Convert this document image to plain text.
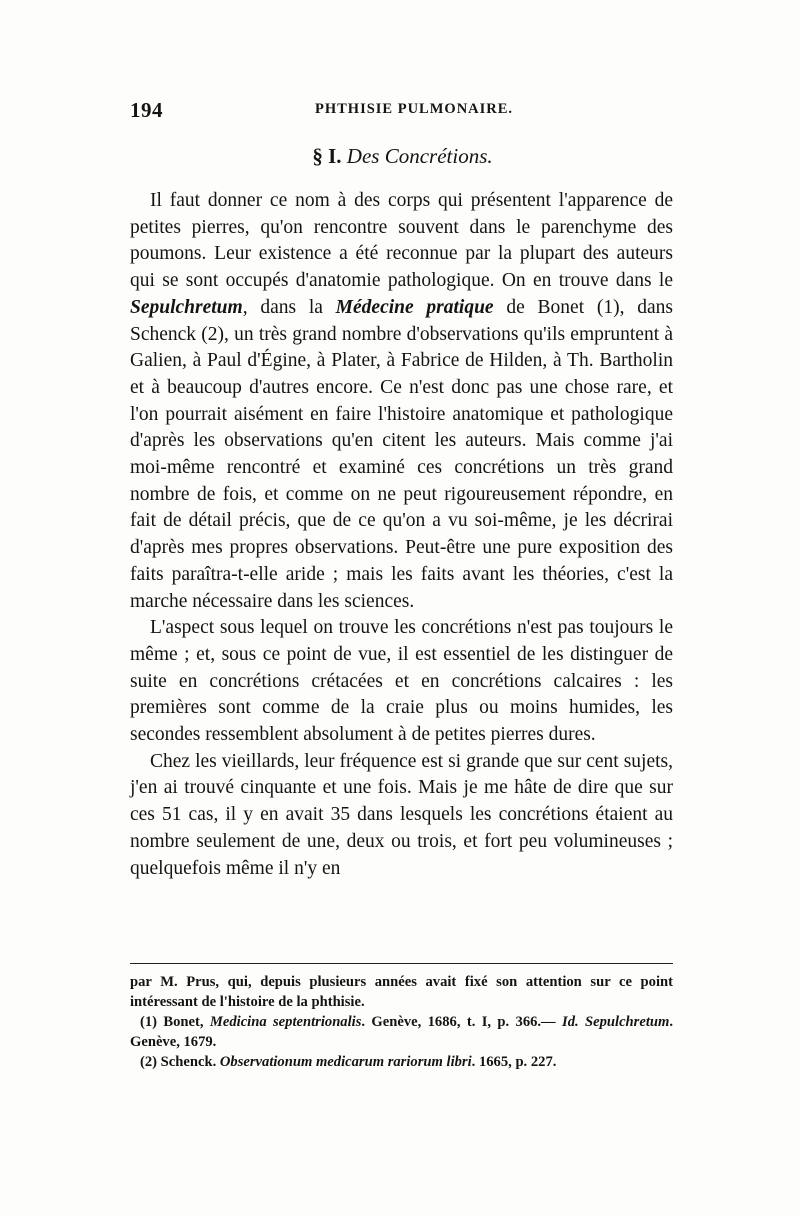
194	PHTHISIE PULMONAIRE.
§ I. Des Concrétions.

Il faut donner ce nom à des corps qui présentent l'apparence de petites pierres, qu'on rencontre souvent dans le parenchyme des poumons. Leur existence a été reconnue par la plupart des auteurs qui se sont occupés d'anatomie pathologique. On en trouve dans le Sepulchretum, dans la Médecine pratique de Bonet (1), dans Schenck (2), un très grand nombre d'observations qu'ils empruntent à Galien, à Paul d'Égine, à Plater, à Fabrice de Hilden, à Th. Bartholin et à beaucoup d'autres encore. Ce n'est donc pas une chose rare, et l'on pourrait aisément en faire l'histoire anatomique et pathologique d'après les observations qu'en citent les auteurs. Mais comme j'ai moi-même rencontré et examiné ces concrétions un très grand nombre de fois, et comme on ne peut rigoureusement répondre, en fait de détail précis, que de ce qu'on a vu soi-même, je les décrirai d'après mes propres observations. Peut-être une pure exposition des faits paraîtra-t-elle aride ; mais les faits avant les théories, c'est la marche nécessaire dans les sciences.

L'aspect sous lequel on trouve les concrétions n'est pas toujours le même ; et, sous ce point de vue, il est essentiel de les distinguer de suite en concrétions crétacées et en concrétions calcaires : les premières sont comme de la craie plus ou moins humides, les secondes ressemblent absolument à de petites pierres dures.

Chez les vieillards, leur fréquence est si grande que sur cent sujets, j'en ai trouvé cinquante et une fois. Mais je me hâte de dire que sur ces 51 cas, il y en avait 35 dans lesquels les concrétions étaient au nombre seulement de une, deux ou trois, et fort peu volumineuses ; quelquefois même il n'y en

par M. Prus, qui, depuis plusieurs années avait fixé son attention sur ce point intéressant de l'histoire de la phthisie.

(1) Bonet, Medicina septentrionalis. Genève, 1686, t. I, p. 366.— Id. Sepulchretum. Genève, 1679.

(2) Schenck. Observationum medicarum rariorum libri. 1665, p. 227.
